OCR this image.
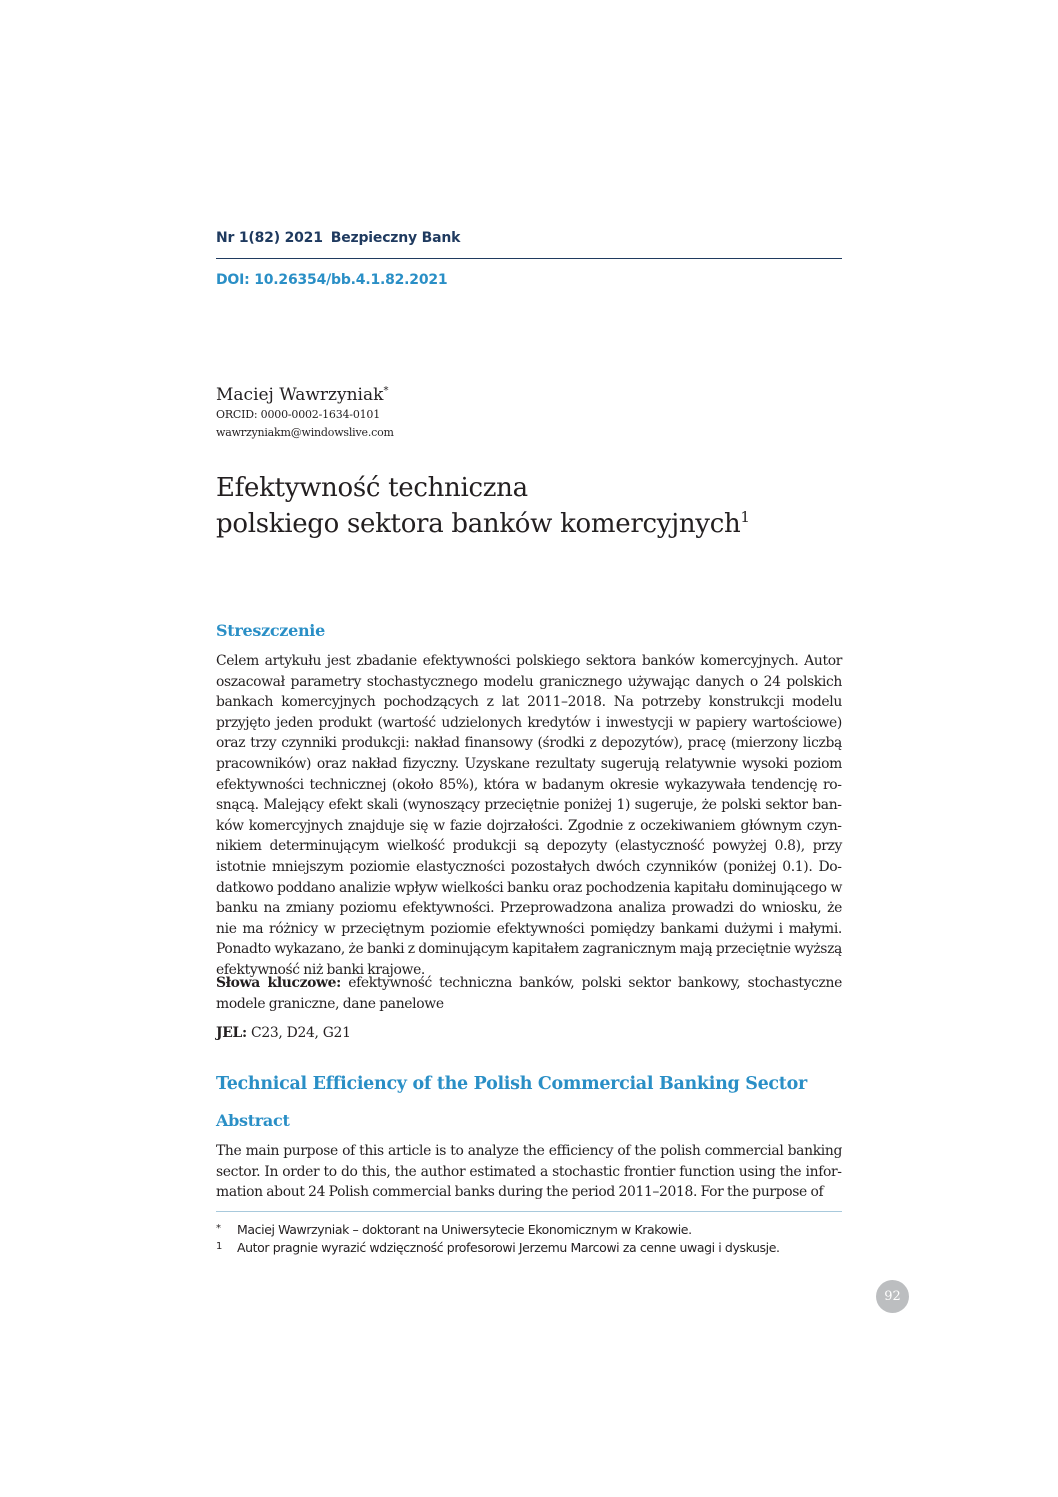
Nr 1(82) 2021 Bezpieczny Bank
DOI: 10.26354/bb.4.1.82.2021
Maciej Wawrzyniak*
ORCID: 0000-0002-1634-0101
wawrzyniakm@windowslive.com
Efektywność techniczna
polskiego sektora banków komercyjnych$^1$
Streszczenie
Celem artykułu jest zbadanie efektywności polskiego sektora banków komercyjnych. Autor oszacował parametry stochastycznego modelu granicznego używając danych o 24 polskich bankach komercyjnych pochodzących z lat 2011–2018. Na potrzeby konstrukcji modelu przyjęto jeden produkt (wartość udzielonych kredytów i inwestycji w papiery wartościowe) oraz trzy czynniki produkcji: nakład finansowy (środki z depozytów), pracę (mierzony liczbą pracowników) oraz nakład fizyczny. Uzyskane rezultaty sugerują relatywnie wysoki poziom efektywności technicznej (około 85%), która w badanym okresie wykazywała tendencję rosnącą. Malejący efekt skali (wynoszący przeciętnie poniżej 1) sugeruje, że polski sektor banków komercyjnych znajduje się w fazie dojrzałości. Zgodnie z oczekiwaniem głównym czynnikiem determinującym wielkość produkcji są depozyty (elastyczność powyżej 0.8), przy istotnie mniejszym poziomie elastyczności pozostałych dwóch czynników (poniżej 0.1). Dodatkowo poddano analizie wpływ wielkości banku oraz pochodzenia kapitału dominującego w banku na zmiany poziomu efektywności. Przeprowadzona analiza prowadzi do wniosku, że nie ma różnicy w przeciętnym poziomie efektywności pomiędzy bankami dużymi i małymi. Ponadto wykazano, że banki z dominującym kapitałem zagranicznym mają przeciętnie wyższą efektywność niż banki krajowe.
Słowa kluczowe: efektywność techniczna banków, polski sektor bankowy, stochastyczne modele graniczne, dane panelowe
JEL: C23, D24, G21
Technical Efficiency of the Polish Commercial Banking Sector
Abstract
The main purpose of this article is to analyze the efficiency of the polish commercial banking sector. In order to do this, the author estimated a stochastic frontier function using the information about 24 Polish commercial banks during the period 2011–2018. For the purpose of
* Maciej Wawrzyniak – doktorant na Uniwersytecie Ekonomicznym w Krakowie.
1 Autor pragnie wyrazić wdzięczność profesorowi Jerzemu Marcowi za cenne uwagi i dyskusje.
92
